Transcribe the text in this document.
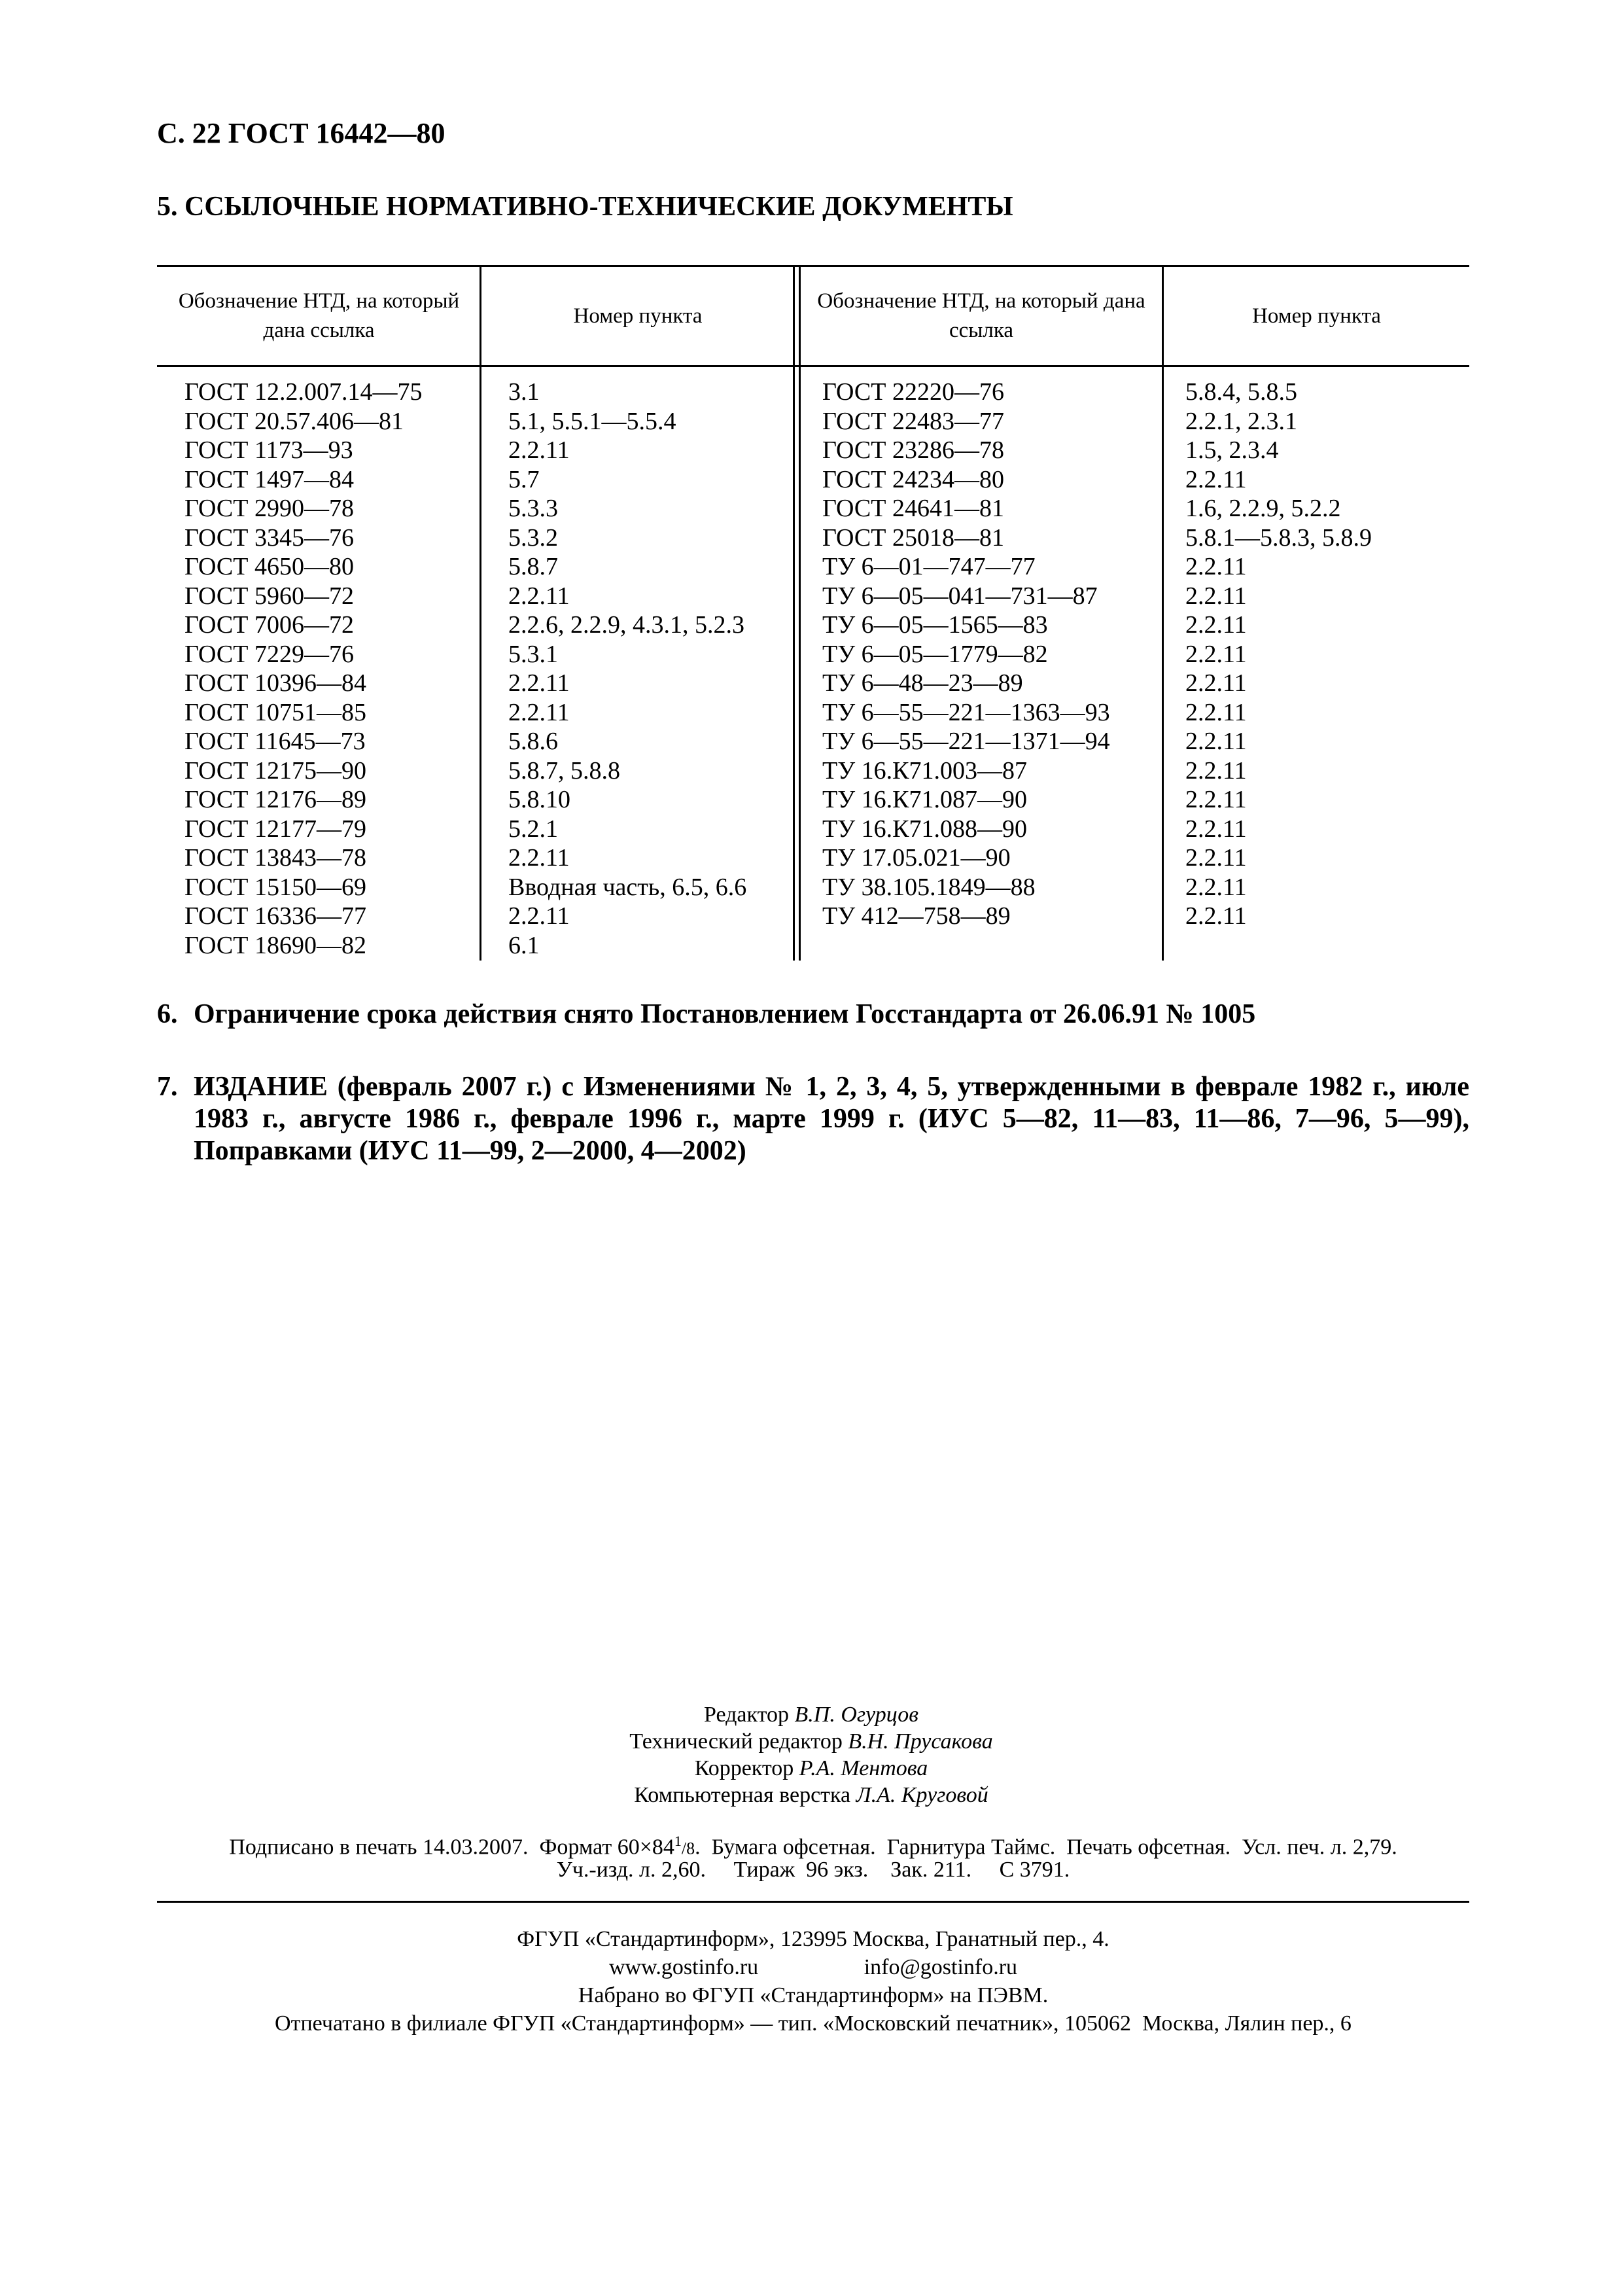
С. 22 ГОСТ 16442—80
5. ССЫЛОЧНЫЕ НОРМАТИВНО-ТЕХНИЧЕСКИЕ ДОКУМЕНТЫ
Обозначение НТД, на который дана ссылка
Номер пункта
Обозначение НТД, на который дана ссылка
Номер пункта
ГОСТ 12.2.007.14—75
ГОСТ 20.57.406—81
ГОСТ 1173—93
ГОСТ 1497—84
ГОСТ 2990—78
ГОСТ 3345—76
ГОСТ 4650—80
ГОСТ 5960—72
ГОСТ 7006—72
ГОСТ 7229—76
ГОСТ 10396—84
ГОСТ 10751—85
ГОСТ 11645—73
ГОСТ 12175—90
ГОСТ 12176—89
ГОСТ 12177—79
ГОСТ 13843—78
ГОСТ 15150—69
ГОСТ 16336—77
ГОСТ 18690—82
3.1
5.1, 5.5.1—5.5.4
2.2.11
5.7
5.3.3
5.3.2
5.8.7
2.2.11
2.2.6, 2.2.9, 4.3.1, 5.2.3
5.3.1
2.2.11
2.2.11
5.8.6
5.8.7, 5.8.8
5.8.10
5.2.1
2.2.11
Вводная часть, 6.5, 6.6
2.2.11
6.1
ГОСТ 22220—76
ГОСТ 22483—77
ГОСТ 23286—78
ГОСТ 24234—80
ГОСТ 24641—81
ГОСТ 25018—81
ТУ 6—01—747—77
ТУ 6—05—041—731—87
ТУ 6—05—1565—83
ТУ 6—05—1779—82
ТУ 6—48—23—89
ТУ 6—55—221—1363—93
ТУ 6—55—221—1371—94
ТУ 16.К71.003—87
ТУ 16.К71.087—90
ТУ 16.К71.088—90
ТУ 17.05.021—90
ТУ 38.105.1849—88
ТУ 412—758—89
5.8.4, 5.8.5
2.2.1, 2.3.1
1.5, 2.3.4
2.2.11
1.6, 2.2.9, 5.2.2
5.8.1—5.8.3, 5.8.9
2.2.11
2.2.11
2.2.11
2.2.11
2.2.11
2.2.11
2.2.11
2.2.11
2.2.11
2.2.11
2.2.11
2.2.11
2.2.11
6. Ограничение срока действия снято Постановлением Госстандарта от 26.06.91 № 1005
7. ИЗДАНИЕ (февраль 2007 г.) с Изменениями № 1, 2, 3, 4, 5, утвержденными в феврале 1982 г., июле 1983 г., августе 1986 г., феврале 1996 г., марте 1999 г. (ИУС 5—82, 11—83, 11—86, 7—96, 5—99), Поправками (ИУС 11—99, 2—2000, 4—2002)
Редактор В.П. Огурцов
Технический редактор В.Н. Прусакова
Корректор Р.А. Ментова
Компьютерная верстка Л.А. Круговой
Подписано в печать 14.03.2007.  Формат $60\times 84^1/8$.  Бумага офсетная.  Гарнитура Таймс.  Печать офсетная.  Усл. печ. л. 2,79.
Уч.-изд. л. 2,60.     Тираж  96 экз.    Зак. 211.     С 3791.
ФГУП «Стандартинформ», 123995 Москва, Гранатный пер., 4.
www.gostinfo.ru	info@gostinfo.ru
Набрано во ФГУП «Стандартинформ» на ПЭВМ.
Отпечатано в филиале ФГУП «Стандартинформ» — тип. «Московский печатник», 105062  Москва, Лялин пер., 6
